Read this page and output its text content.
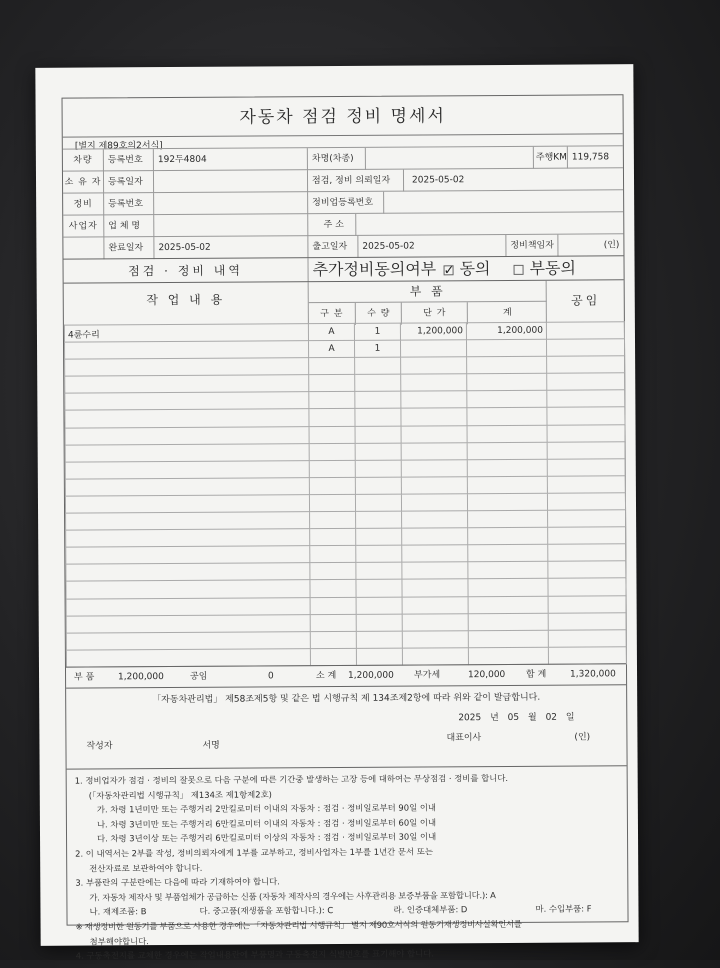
자동차 점검 정비 명세서
[별지 제89호의2서식]
차량	등록번호	192두4804	차명(차종)	주행KM 119,758
소 유 자 등록일자	점검, 정비 의뢰일자	2025-05-02
정비	등록번호	정비업등록번호
사업자	업 체 명	주 소
완료일자	2025-05-02	출고일자	2025-05-02	정비책임자	(인)
점검 · 정비 내역	추가정비동의여부 ✓ 동의	부동의
작 업 내 용
부 품
구 분	수 량	단 가	계
공임
4륜수리	A	1	1,200,000	1,200,000	
	A	1			

부 품	1,200,000	공임	0	소 계 1,200,000 부가세	120,000 합 계	1,320,000
「자동차관리법」 제58조제5항 및 같은 법 시행규칙 제 134조제2항에 따라 위와 같이 발급합니다.
2025 년 05 월 02 일
작성자	서명
대표이사	(인)
1. 정비업자가 점검 · 정비의 잘못으로 다음 구분에 따른 기간중 발생하는 고장 등에 대하여는 무상점검 · 정비를 합니다.
(「자동차관리법 시행규칙」 제134조 제1항제2호)
가. 차령 1년미만 또는 주행거리 2만킬로미터 이내의 자동차 : 점검 · 정비일로부터 90일 이내
나. 차령 3년미만 또는 주행거리 6만킬로미터 이내의 자동차 : 점검 · 정비일로부터 60일 이내
다. 차령 3년이상 또는 주행거리 6만킬로미터 이상의 자동차 : 점검 · 정비일로부터 30일 이내
2. 이 내역서는 2부를 작성, 정비의뢰자에게 1부를 교부하고, 정비사업자는 1부를 1년간 문서 또는
전산자료로 보관하여야 합니다.
3. 부품란의 구분란에는 다음에 따라 기재하여야 합니다.
가. 자동차 제작사 및 부품업체가 공급하는 신품 (자동차 제작사의 경우에는 사후관리용 보증부품을 포함합니다.): A
나. 재제조품: B	다. 중고품(재생품을 포함합니다.): C	라. 인증대체부품: D	마. 수입부품: F
※ 재생정비한 원동기를 부품으로 사용한 경우에는 「자동차관리법 시행규칙」 별지 제90호서식의 원동기재생정비사실확인서를
첨부해야합니다.
4. 구동축전지를 교체한 경우에는 작업내용란에 부품명과 구동축전지 식별번호를 표기해야 합니다.
